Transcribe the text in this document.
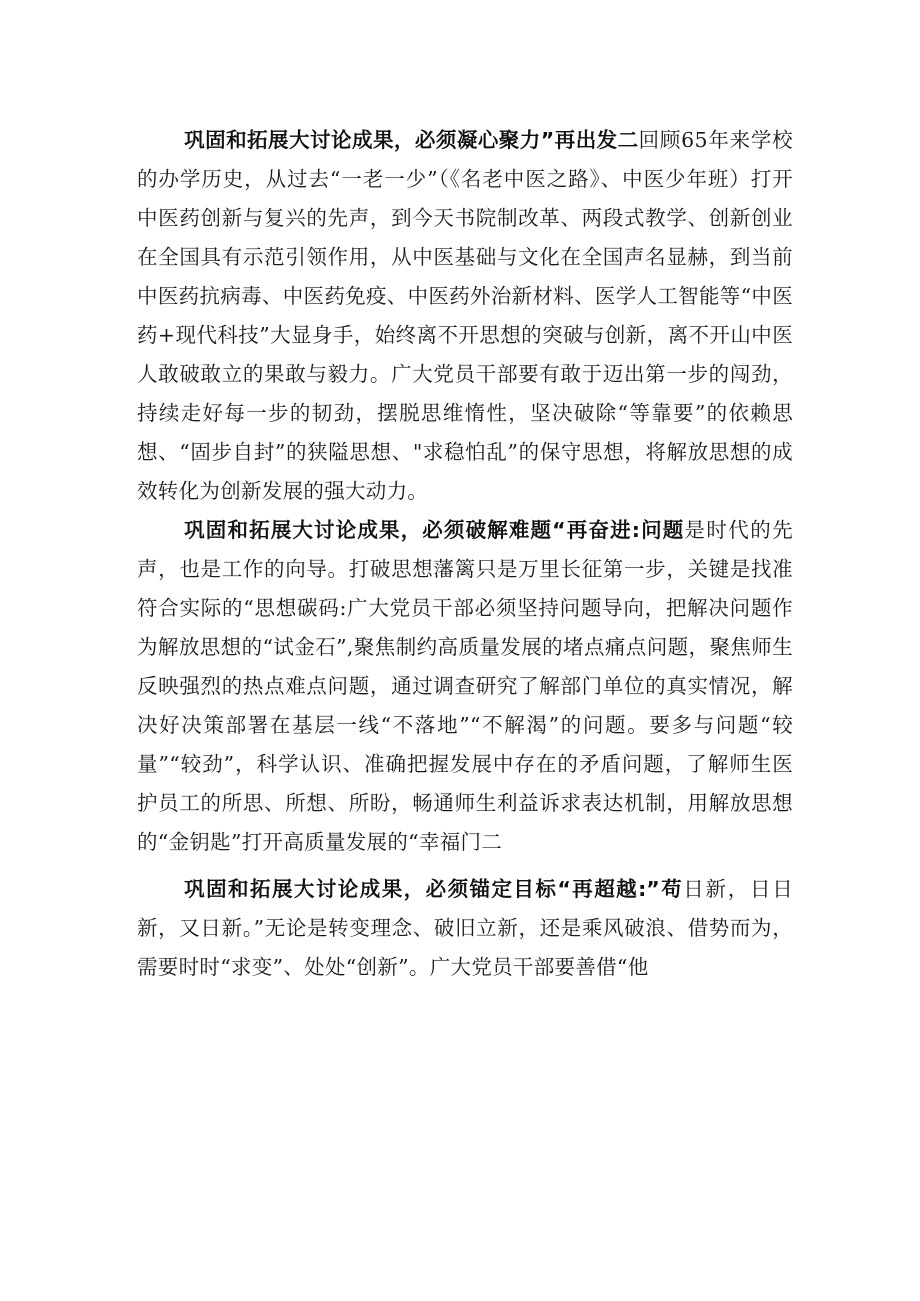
巩固和拓展大讨论成果，必须凝心聚力”再出发二回顾65年来学校的办学历史，从过去“一老一少”（《名老中医之路》、中医少年班）打开中医药创新与复兴的先声，到今天书院制改革、两段式教学、创新创业在全国具有示范引领作用，从中医基础与文化在全国声名显赫，到当前中医药抗病毒、中医药免疫、中医药外治新材料、医学人工智能等“中医药+现代科技”大显身手，始终离不开思想的突破与创新，离不开山中医人敢破敢立的果敢与毅力。广大党员干部要有敢于迈出第一步的闯劲，持续走好每一步的韧劲，摆脱思维惰性，坚决破除“等靠要”的依赖思想、“固步自封”的狭隘思想、"求稳怕乱”的保守思想，将解放思想的成效转化为创新发展的强大动力。

巩固和拓展大讨论成果，必须破解难题“再奋进:问题是时代的先声，也是工作的向导。打破思想藩篱只是万里长征第一步，关键是找准符合实际的“思想碳码:广大党员干部必须坚持问题导向，把解决问题作为解放思想的“试金石”,聚焦制约高质量发展的堵点痛点问题，聚焦师生反映强烈的热点难点问题，通过调查研究了解部门单位的真实情况，解决好决策部署在基层一线“不落地”“不解渴”的问题。要多与问题“较量”“较劲”，科学认识、准确把握发展中存在的矛盾问题，了解师生医护员工的所思、所想、所盼，畅通师生利益诉求表达机制，用解放思想的“金钥匙”打开高质量发展的“幸福门二

巩固和拓展大讨论成果，必须锚定目标“再超越:”苟日新，日日新，又日新。”无论是转变理念、破旧立新，还是乘风破浪、借势而为，需要时时“求变”、处处“创新”。广大党员干部要善借“他
